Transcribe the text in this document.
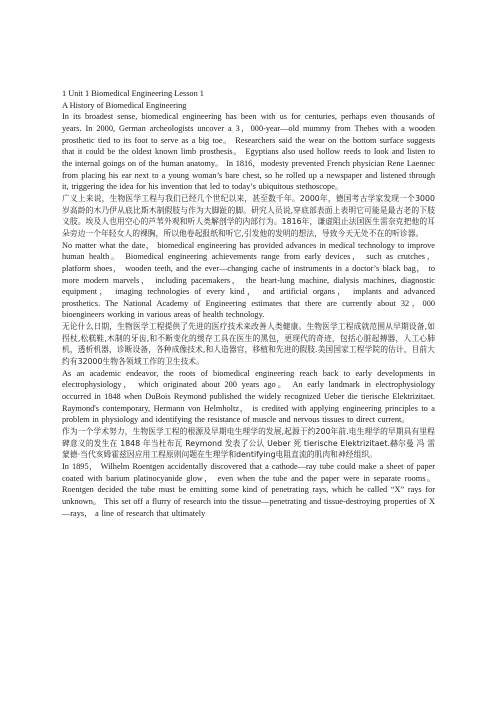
1 Unit 1 Biomedical Engineering Lesson 1
A History of Biomedical Engineering

In its broadest sense, biomedical engineering has been with us for centuries, perhaps even thousands of years. In 2000, German archeologists uncover a 3，000-year—old mummy from Thebes with a wooden prosthetic tied to its foot to serve as a big toe。 Researchers said the wear on the bottom surface suggests that it could be the oldest known limb prosthesis。 Egyptians also used hollow reeds to look and listen to the internal goings on of the human anatomy。 In 1816，modesty prevented French physician Rene Laennec from placing his ear next to a young woman’s bare chest, so he rolled up a newspaper and listened through it, triggering the idea for his invention that led to today’s ubiquitous stethoscope。

广义上来说，生物医学工程与我们已经几个世纪以来，甚至数千年。2000年，德国考古学家发现一个3000岁高龄的木乃伊从底比斯木制假肢与作为大脚趾的脚。研究人员说,穿底部表面上表明它可能是最古老的下肢义肢。埃及人也用空心的芦苇外观和听人类解剖学的内部行为。1816年，谦虚阻止法国医生雷奈克把他的耳朵旁边一个年轻女人的裸胸，所以他卷起报纸和听它,引发他的发明的想法，导致今天无处不在的听诊器。

No matter what the date， biomedical engineering has provided advances in medical technology to improve human health。 Biomedical engineering achievements range from early devices， such as crutches， platform shoes， wooden teeth, and the ever—changing cache of instruments in a doctor’s black bag， to more modern marvels， including pacemakers， the heart-lung machine, dialysis machines, diagnostic equipment， imaging technologies of every kind， and artificial organs， implants and advanced prosthetics. The National Academy of Engineering estimates that there are currently about 32，000 bioengineers working in various areas of health technology.

无论什么日期，生物医学工程提供了先进的医疗技术来改善人类健康。生物医学工程成就范围从早期设备,如拐杖,松糕鞋,木制的牙齿,和不断变化的缓存工具在医生的黑包，更现代的奇迹，包括心脏起搏器，人工心肺机，透析机器，诊断设备，各种成像技术,和人造器官，移植和先进的假肢.美国国家工程学院的估计，目前大约有32000生物各领域工作的卫生技术。

As an academic endeavor, the roots of biomedical engineering reach back to early developments in electrophysiology， which originated about 200 years ago。 An early landmark in electrophysiology occurred in 1848 when DuBois Reymond published the widely recognized Ueber die tierische Elektrizitaet. Raymond's contemporary, Hermann von Helmholtz， is credited with applying engineering principles to a problem in physiology and identifying the resistance of muscle and nervous tissues to direct current。

作为一个学术努力，生物医学工程的根源及早期电生理学的发展,起源于约200年前.电生理学的早期具有里程碑意义的发生在 1848 年当杜布瓦 Reymond 发表了公认 Ueber 死 tierische Elektrizitaet.赫尔曼 冯 雷蒙德·当代亥姆霍兹因应用工程原则问题在生理学和dentifying电阻直流的肌肉和神经组织。

In 1895， Wilhelm Roentgen accidentally discovered that a cathode—ray tube could make a sheet of paper coated with barium platinocyanide glow， even when the tube and the paper were in separate rooms。 Roentgen decided the tube must be emitting some kind of penetrating rays, which he called “X” rays for unknown。 This set off a flurry of research into the tissue—penetrating and tissue-destroying properties of X—rays， a line of research that ultimately
